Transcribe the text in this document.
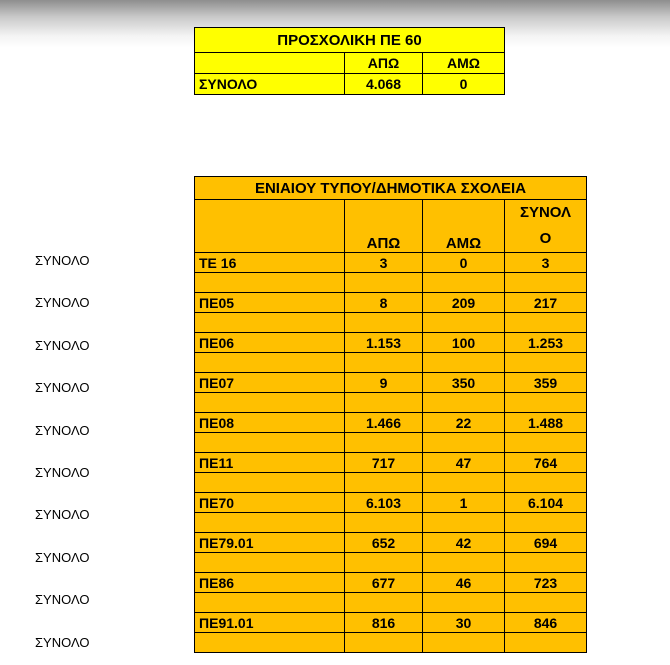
ΠΡΟΣΧΟΛΙΚΗ ΠΕ 60		
	ΑΠΩ	ΑΜΩ
ΣΥΝΟΛΟ	4.068	0
ΕΝΙΑΙΟΥ ΤΥΠΟΥ/ΔΗΜΟΤΙΚΑ ΣΧΟΛΕΙΑ			
	ΑΠΩ	ΑΜΩ	ΣΥΝΟΛ
Ο
ΤΕ 16	3	0	3

ΠΕ05	8	209	217

ΠΕ06	1.153	100	1.253

ΠΕ07	9	350	359

ΠΕ08	1.466	22	1.488

ΠΕ11	717	47	764

ΠΕ70	6.103	1	6.104

ΠΕ79.01	652	42	694

ΠΕ86	677	46	723

ΠΕ91.01	816	30	846

ΣΥΝΟΛΟ
ΣΥΝΟΛΟ
ΣΥΝΟΛΟ
ΣΥΝΟΛΟ
ΣΥΝΟΛΟ
ΣΥΝΟΛΟ
ΣΥΝΟΛΟ
ΣΥΝΟΛΟ
ΣΥΝΟΛΟ
ΣΥΝΟΛΟ
